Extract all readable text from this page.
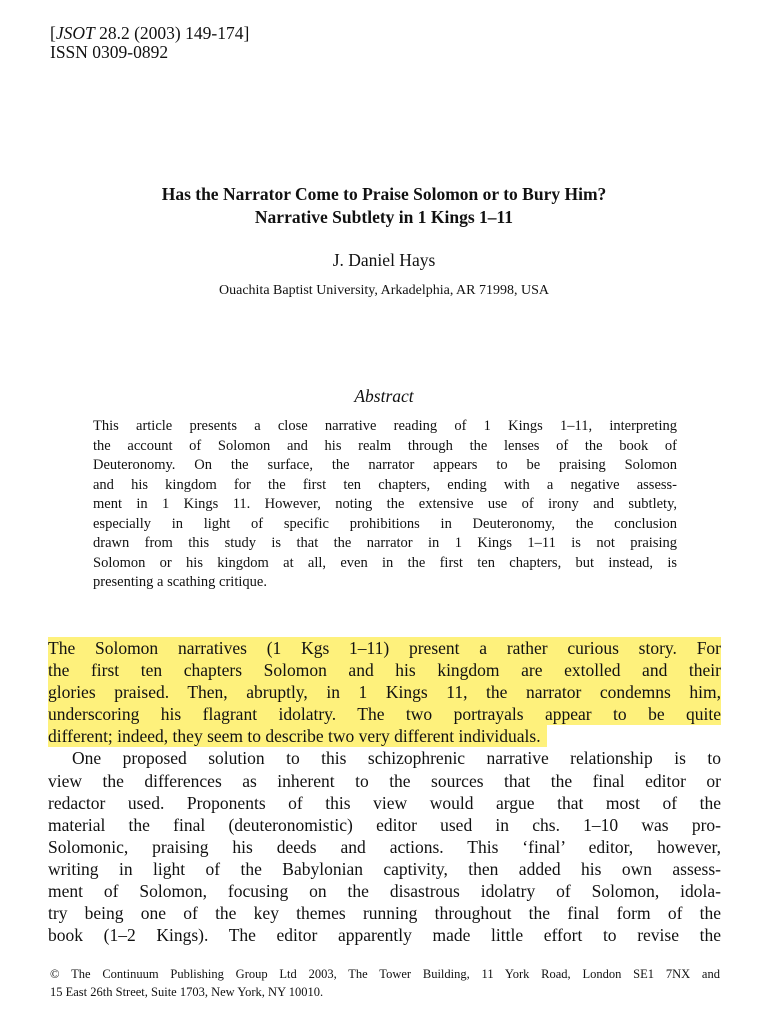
[JSOT 28.2 (2003) 149-174]
ISSN 0309-0892
Has the Narrator Come to Praise Solomon or to Bury Him?
Narrative Subtlety in 1 Kings 1–11
J. Daniel Hays
Ouachita Baptist University, Arkadelphia, AR 71998, USA
Abstract
This article presents a close narrative reading of 1 Kings 1–11, interpreting
the account of Solomon and his realm through the lenses of the book of
Deuteronomy. On the surface, the narrator appears to be praising Solomon
and his kingdom for the first ten chapters, ending with a negative assess-
ment in 1 Kings 11. However, noting the extensive use of irony and subtlety,
especially in light of specific prohibitions in Deuteronomy, the conclusion
drawn from this study is that the narrator in 1 Kings 1–11 is not praising
Solomon or his kingdom at all, even in the first ten chapters, but instead, is
presenting a scathing critique.
The Solomon narratives (1 Kgs 1–11) present a rather curious story. For
the first ten chapters Solomon and his kingdom are extolled and their
glories praised. Then, abruptly, in 1 Kings 11, the narrator condemns him,
underscoring his flagrant idolatry. The two portrayals appear to be quite
different; indeed, they seem to describe two very different individuals.
One proposed solution to this schizophrenic narrative relationship is to
view the differences as inherent to the sources that the final editor or
redactor used. Proponents of this view would argue that most of the
material the final (deuteronomistic) editor used in chs. 1–10 was pro-
Solomonic, praising his deeds and actions. This ‘final’ editor, however,
writing in light of the Babylonian captivity, then added his own assess-
ment of Solomon, focusing on the disastrous idolatry of Solomon, idola-
try being one of the key themes running throughout the final form of the
book (1–2 Kings). The editor apparently made little effort to revise the
© The Continuum Publishing Group Ltd 2003, The Tower Building, 11 York Road, London SE1 7NX and
15 East 26th Street, Suite 1703, New York, NY 10010.
